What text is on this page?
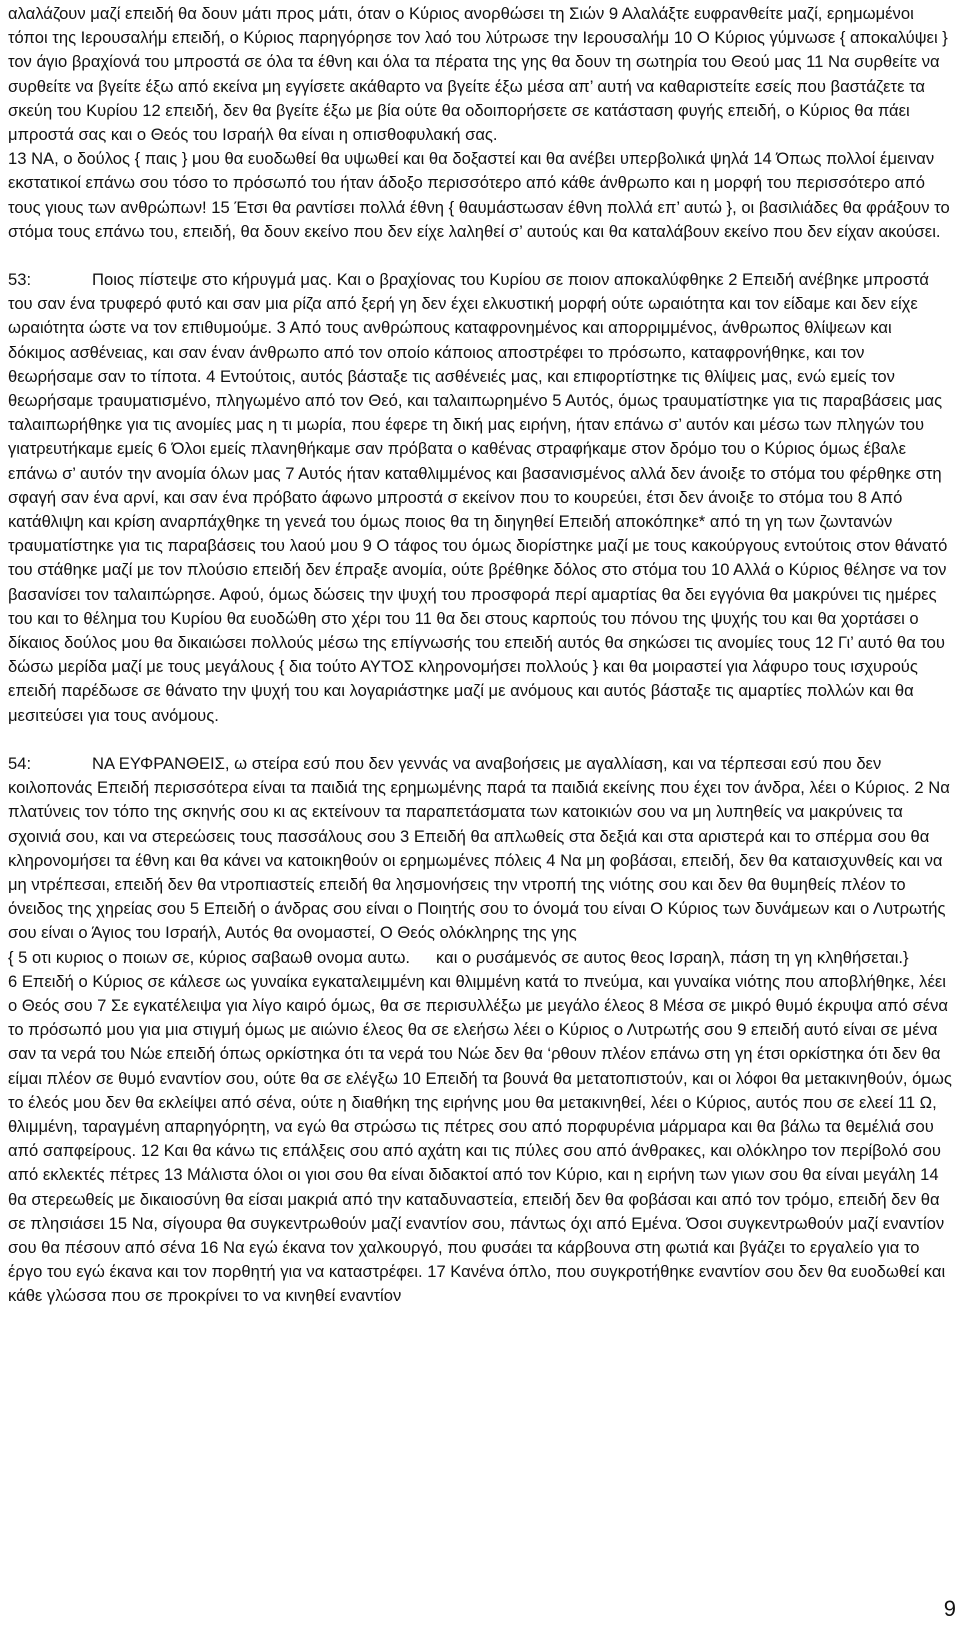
αλαλάζουν μαζί επειδή θα δουν μάτι προς μάτι, όταν ο Κύριος ανορθώσει τη Σιών 9 Αλαλάξτε ευφρανθείτε μαζί, ερημωμένοι τόποι της Ιερουσαλήμ επειδή, ο Κύριος παρηγόρησε τον λαό του λύτρωσε την Ιερουσαλήμ 10 Ο Κύριος γύμνωσε { αποκαλύψει } τον άγιο βραχίονά του μπροστά σε όλα τα έθνη και όλα τα πέρατα της γης θα δουν τη σωτηρία του Θεού μας 11 Να συρθείτε να συρθείτε να βγείτε έξω από εκείνα μη εγγίσετε ακάθαρτο να βγείτε έξω μέσα απ’ αυτή να καθαριστείτε εσείς που βαστάζετε τα σκεύη του Κυρίου 12 επειδή, δεν θα βγείτε έξω με βία ούτε θα οδοιπορήσετε σε κατάσταση φυγής επειδή, ο Κύριος θα πάει μπροστά σας και ο Θεός του Ισραήλ θα είναι η οπισθοφυλακή σας.

13 ΝΑ, ο δούλος { παις } μου θα ευοδωθεί θα υψωθεί και θα δοξαστεί και θα ανέβει υπερβολικά ψηλά 14 Όπως πολλοί έμειναν εκστατικοί επάνω σου τόσο το πρόσωπό του ήταν άδοξο περισσότερο από κάθε άνθρωπο και η μορφή του περισσότερο από τους γιους των ανθρώπων! 15 Έτσι θα ραντίσει πολλά έθνη { θαυμάστωσαν έθνη πολλά επ’ αυτώ }, οι βασιλιάδες θα φράξουν το στόμα τους επάνω του, επειδή, θα δουν εκείνο που δεν είχε λαληθεί σ’ αυτούς και θα καταλάβουν εκείνο που δεν είχαν ακούσει.

53:	Ποιος πίστεψε στο κήρυγμά μας. Και ο βραχίονας του Κυρίου σε ποιον αποκαλύφθηκε 2 Επειδή ανέβηκε μπροστά του σαν ένα τρυφερό φυτό και σαν μια ρίζα από ξερή γη δεν έχει ελκυστική μορφή ούτε ωραιότητα και τον είδαμε και δεν είχε ωραιότητα ώστε να τον επιθυμούμε. 3 Από τους ανθρώπους καταφρονημένος και απορριμμένος, άνθρωπος θλίψεων και δόκιμος ασθένειας, και σαν έναν άνθρωπο από τον οποίο κάποιος αποστρέφει το πρόσωπο, καταφρονήθηκε, και τον θεωρήσαμε σαν το τίποτα. 4 Εντούτοις, αυτός βάσταξε τις ασθένειές μας, και επιφορτίστηκε τις θλίψεις μας, ενώ εμείς τον θεωρήσαμε τραυματισμένο, πληγωμένο από τον Θεό, και ταλαιπωρημένο 5 Αυτός, όμως τραυματίστηκε για τις παραβάσεις μας ταλαιπωρήθηκε για τις ανομίες μας η τι μωρία, που έφερε τη δική μας ειρήνη, ήταν επάνω σ’ αυτόν και μέσω των πληγών του γιατρευτήκαμε εμείς 6 Όλοι εμείς πλανηθήκαμε σαν πρόβατα ο καθένας στραφήκαμε στον δρόμο του ο Κύριος όμως έβαλε επάνω σ’ αυτόν την ανομία όλων μας 7 Αυτός ήταν καταθλιμμένος και βασανισμένος αλλά δεν άνοιξε το στόμα του φέρθηκε στη σφαγή σαν ένα αρνί, και σαν ένα πρόβατο άφωνο μπροστά σ εκείνον που το κουρεύει, έτσι δεν άνοιξε το στόμα του 8 Από κατάθλιψη και κρίση αναρπάχθηκε τη γενεά του όμως ποιος θα τη διηγηθεί Επειδή αποκόπηκε* από τη γη των ζωντανών τραυματίστηκε για τις παραβάσεις του λαού μου 9 Ο τάφος του όμως διορίστηκε μαζί με τους κακούργους εντούτοις στον θάνατό του στάθηκε μαζί με τον πλούσιο επειδή δεν έπραξε ανομία, ούτε βρέθηκε δόλος στο στόμα του 10 Αλλά ο Κύριος θέλησε να τον βασανίσει τον ταλαιπώρησε. Αφού, όμως δώσεις την ψυχή του προσφορά περί αμαρτίας θα δει εγγόνια θα μακρύνει τις ημέρες του και το θέλημα του Κυρίου θα ευοδώθη στο χέρι του 11 θα δει στους καρπούς του πόνου της ψυχής του και θα χορτάσει ο δίκαιος δούλος μου θα δικαιώσει πολλούς μέσω της επίγνωσής του επειδή αυτός θα σηκώσει τις ανομίες τους 12 Γι’ αυτό θα του δώσω μερίδα μαζί με τους μεγάλους { δια τούτο ΑΥΤΟΣ κληρονομήσει πολλούς } και θα μοιραστεί για λάφυρο τους ισχυρούς επειδή παρέδωσε σε θάνατο την ψυχή του και λογαριάστηκε μαζί με ανόμους και αυτός βάσταξε τις αμαρτίες πολλών και θα μεσιτεύσει για τους ανόμους.

54:	ΝΑ ΕΥΦΡΑΝΘΕΙΣ, ω στείρα εσύ που δεν γεννάς να αναβοήσεις με αγαλλίαση, και να τέρπεσαι εσύ που δεν κοιλοπονάς Επειδή περισσότερα είναι τα παιδιά της ερημωμένης παρά τα παιδιά εκείνης που έχει τον άνδρα, λέει ο Κύριος. 2 Να πλατύνεις τον τόπο της σκηνής σου κι ας εκτείνουν τα παραπετάσματα των κατοικιών σου να μη λυπηθείς να μακρύνεις τα σχοινιά σου, και να στερεώσεις τους πασσάλους σου 3 Επειδή θα απλωθείς στα δεξιά και στα αριστερά και το σπέρμα σου θα κληρονομήσει τα έθνη και θα κάνει να κατοικηθούν οι ερημωμένες πόλεις 4 Να μη φοβάσαι, επειδή, δεν θα καταισχυνθείς και να μη ντρέπεσαι, επειδή δεν θα ντροπιαστείς επειδή θα λησμονήσεις την ντροπή της νιότης σου και δεν θα θυμηθείς πλέον το όνειδος της χηρείας σου 5 Επειδή ο άνδρας σου είναι ο Ποιητής σου το όνομά του είναι Ο Κύριος των δυνάμεων και ο Λυτρωτής σου είναι ο Άγιος του Ισραήλ, Αυτός θα ονομαστεί, Ο Θεός ολόκληρης της γης

{ 5 οτι κυριος ο ποιων σε, κύριος σαβαωθ ονομα αυτω. και ο ρυσάμενός σε αυτος θεος Ισραηλ, πάση τη γη κληθήσεται.}

6 Επειδή ο Κύριος σε κάλεσε ως γυναίκα εγκαταλειμμένη και θλιμμένη κατά το πνεύμα, και γυναίκα νιότης που αποβλήθηκε, λέει ο Θεός σου 7 Σε εγκατέλειψα για λίγο καιρό όμως, θα σε περισυλλέξω με μεγάλο έλεος 8 Μέσα σε μικρό θυμό έκρυψα από σένα το πρόσωπό μου για μια στιγμή όμως με αιώνιο έλεος θα σε ελεήσω λέει ο Κύριος ο Λυτρωτής σου 9 επειδή αυτό είναι σε μένα σαν τα νερά του Νώε επειδή όπως ορκίστηκα ότι τα νερά του Νώε δεν θα ‘ρθουν πλέον επάνω στη γη έτσι ορκίστηκα ότι δεν θα είμαι πλέον σε θυμό εναντίον σου, ούτε θα σε ελέγξω 10 Επειδή τα βουνά θα μετατοπιστούν, και οι λόφοι θα μετακινηθούν, όμως το έλεός μου δεν θα εκλείψει από σένα, ούτε η διαθήκη της ειρήνης μου θα μετακινηθεί, λέει ο Κύριος, αυτός που σε ελεεί 11 Ω, θλιμμένη, ταραγμένη απαρηγόρητη, να εγώ θα στρώσω τις πέτρες σου από πορφυρένια μάρμαρα και θα βάλω τα θεμέλιά σου από σαπφείρους. 12 Και θα κάνω τις επάλξεις σου από αχάτη και τις πύλες σου από άνθρακες, και ολόκληρο τον περίβολό σου από εκλεκτές πέτρες 13 Μάλιστα όλοι οι γιοι σου θα είναι διδακτοί από τον Κύριο, και η ειρήνη των γιων σου θα είναι μεγάλη 14 θα στερεωθείς με δικαιοσύνη θα είσαι μακριά από την καταδυναστεία, επειδή δεν θα φοβάσαι και από τον τρόμο, επειδή δεν θα σε πλησιάσει 15 Να, σίγουρα θα συγκεντρωθούν μαζί εναντίον σου, πάντως όχι από Εμένα. Όσοι συγκεντρωθούν μαζί εναντίον σου θα πέσουν από σένα 16 Να εγώ έκανα τον χαλκουργό, που φυσάει τα κάρβουνα στη φωτιά και βγάζει το εργαλείο για το έργο του εγώ έκανα και τον πορθητή για να καταστρέφει. 17 Κανένα όπλο, που συγκροτήθηκε εναντίον σου δεν θα ευοδωθεί και κάθε γλώσσα που σε προκρίνει το να κινηθεί εναντίον

9
